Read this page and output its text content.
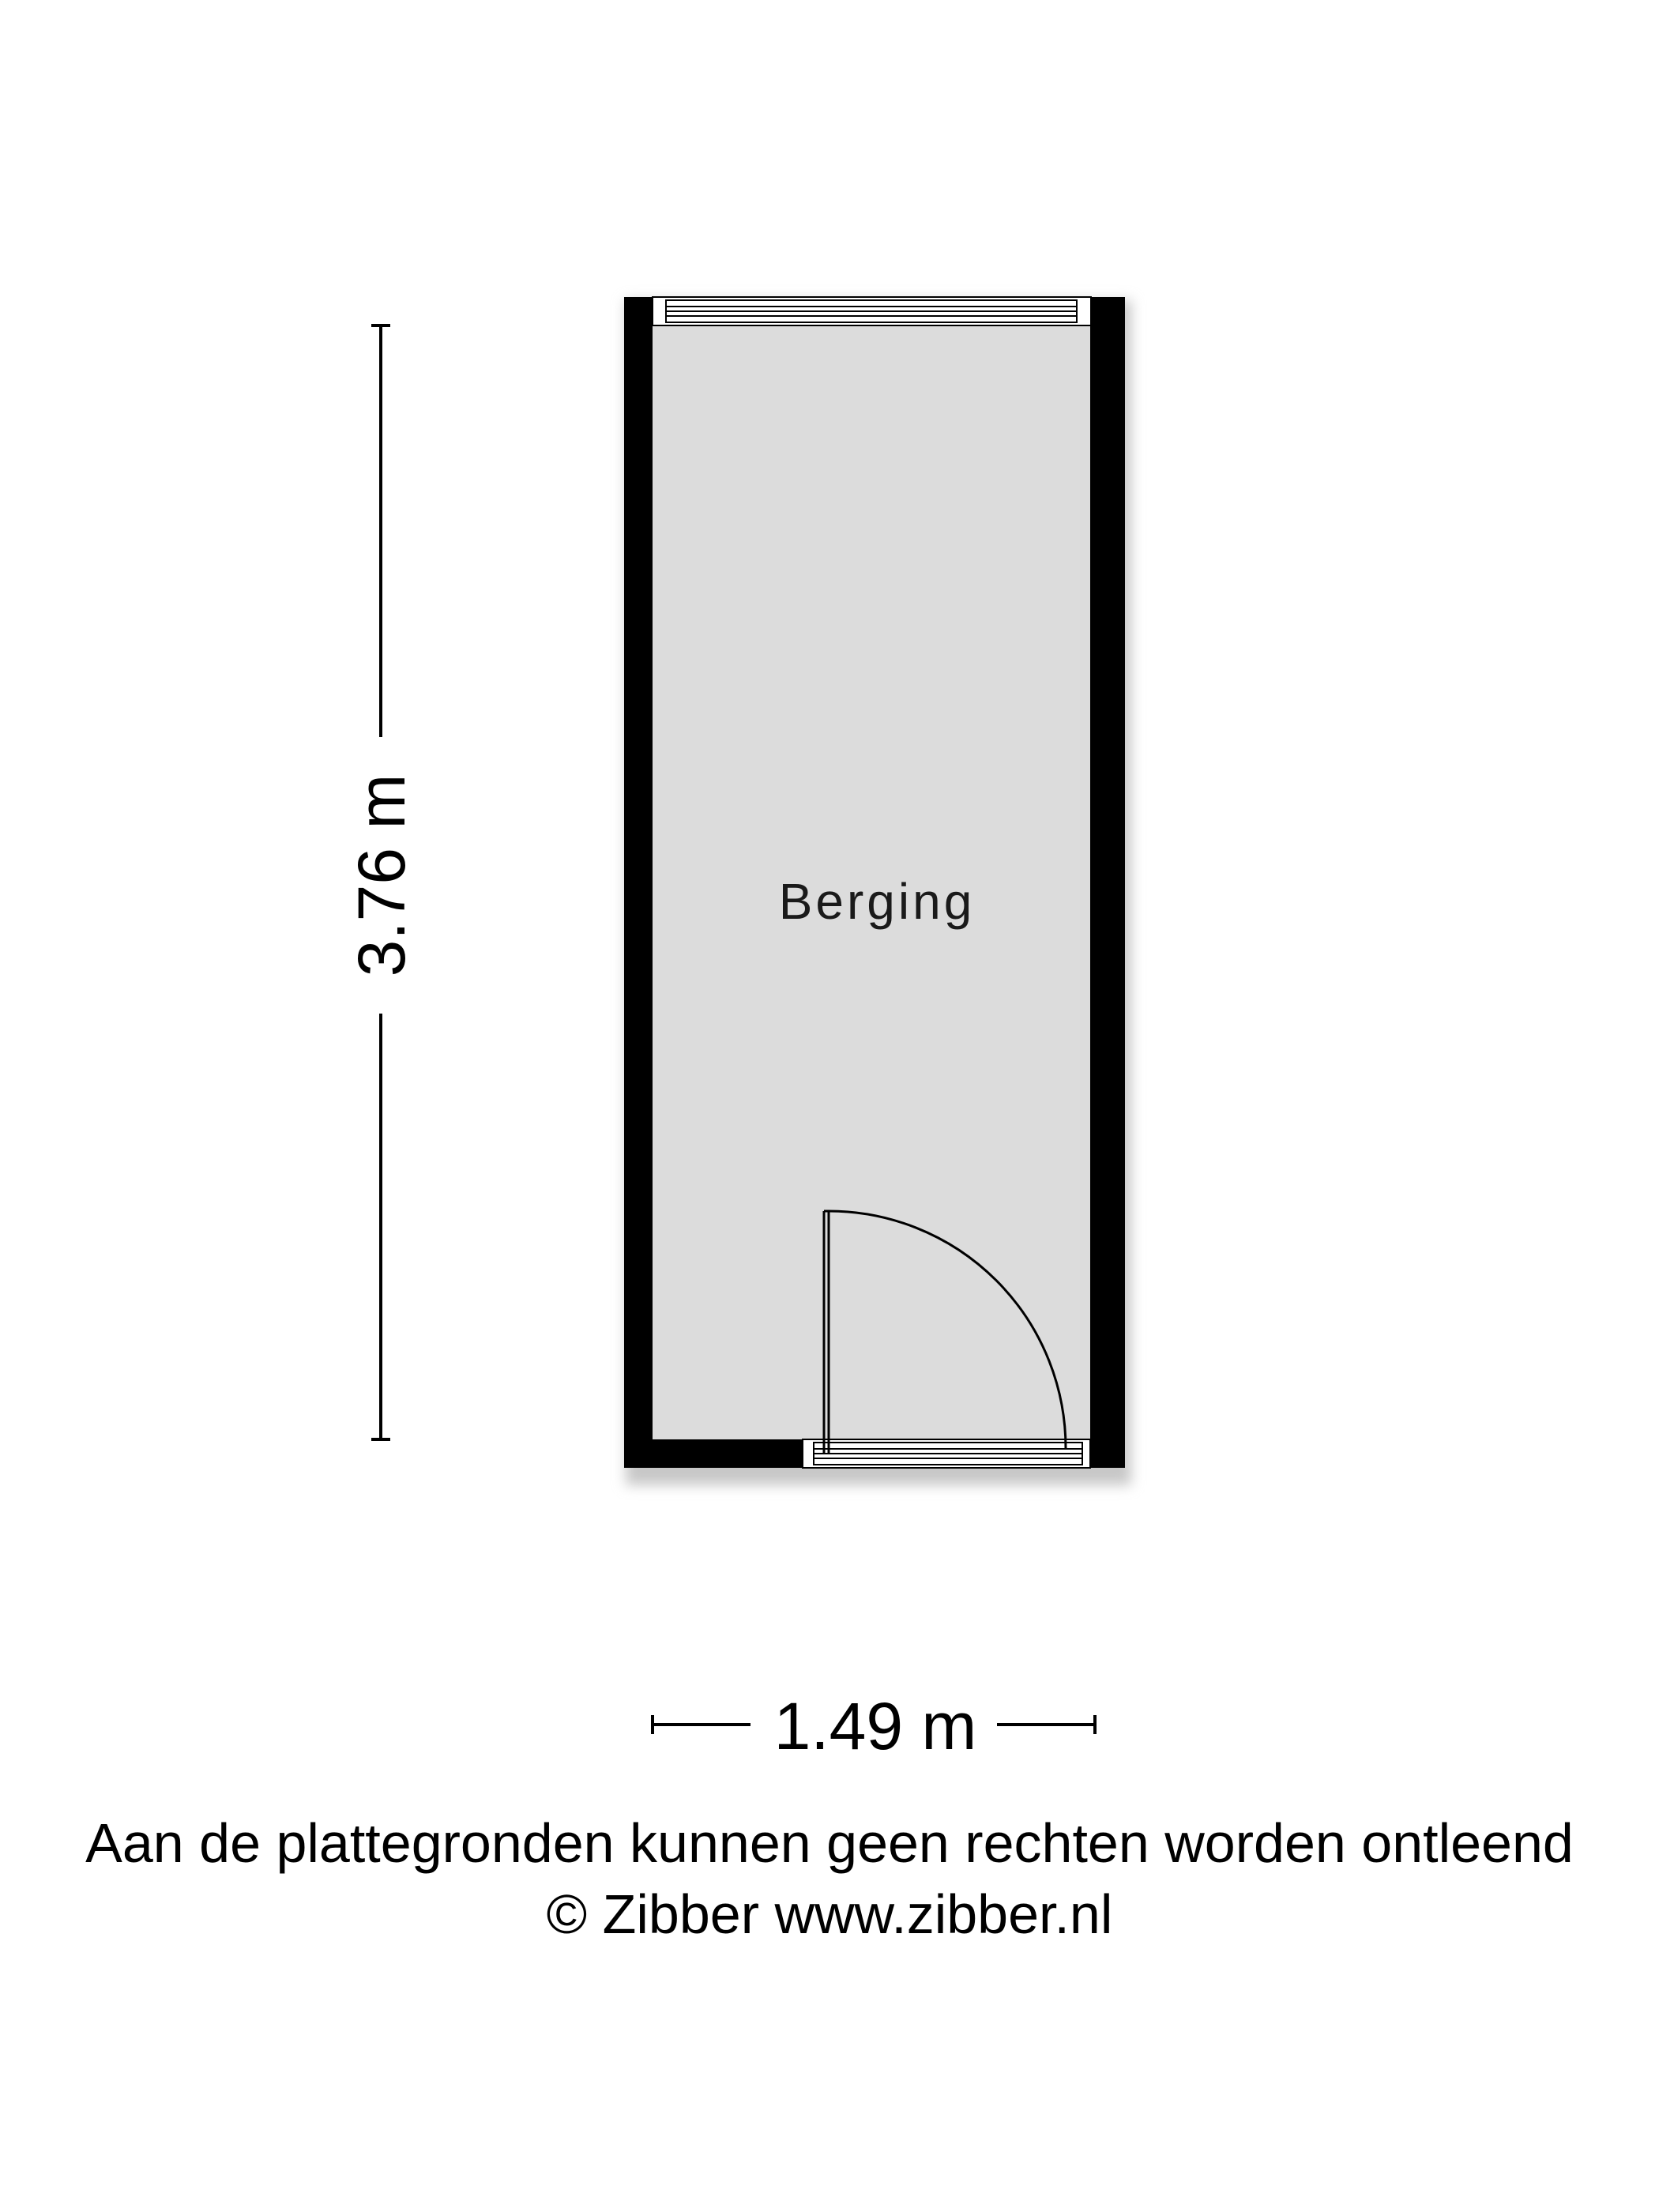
Berging
3.76 m
1.49 m
Aan de plattegronden kunnen geen rechten worden ontleend
© Zibber www.zibber.nl
